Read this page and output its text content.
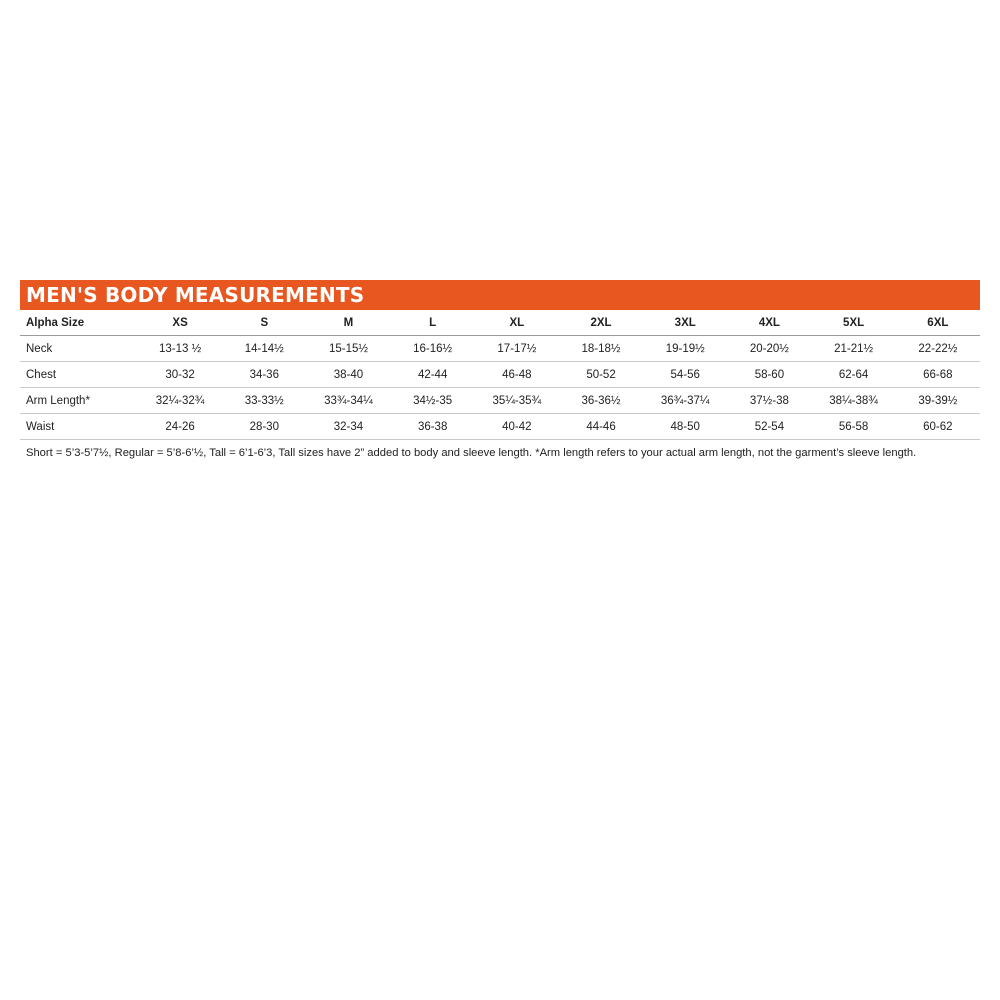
MEN'S BODY MEASUREMENTS
Alpha Size	XS	S	M	L	XL	2XL	3XL	4XL	5XL	6XL
Neck	13-13 ½	14-14½	15-15½	16-16½	17-17½	18-18½	19-19½	20-20½	21-21½	22-22½
Chest	30-32	34-36	38-40	42-44	46-48	50-52	54-56	58-60	62-64	66-68
Arm Length*	32¼-32¾	33-33½	33¾-34¼	34½-35	35¼-35¾	36-36½	36¾-37¼	37½-38	38¼-38¾	39-39½
Waist	24-26	28-30	32-34	36-38	40-42	44-46	48-50	52-54	56-58	60-62
Short = 5’3-5’7½, Regular = 5’8-6’½, Tall = 6’1-6’3, Tall sizes have 2” added to body and sleeve length. *Arm length refers to your actual arm length, not the garment’s sleeve length.
